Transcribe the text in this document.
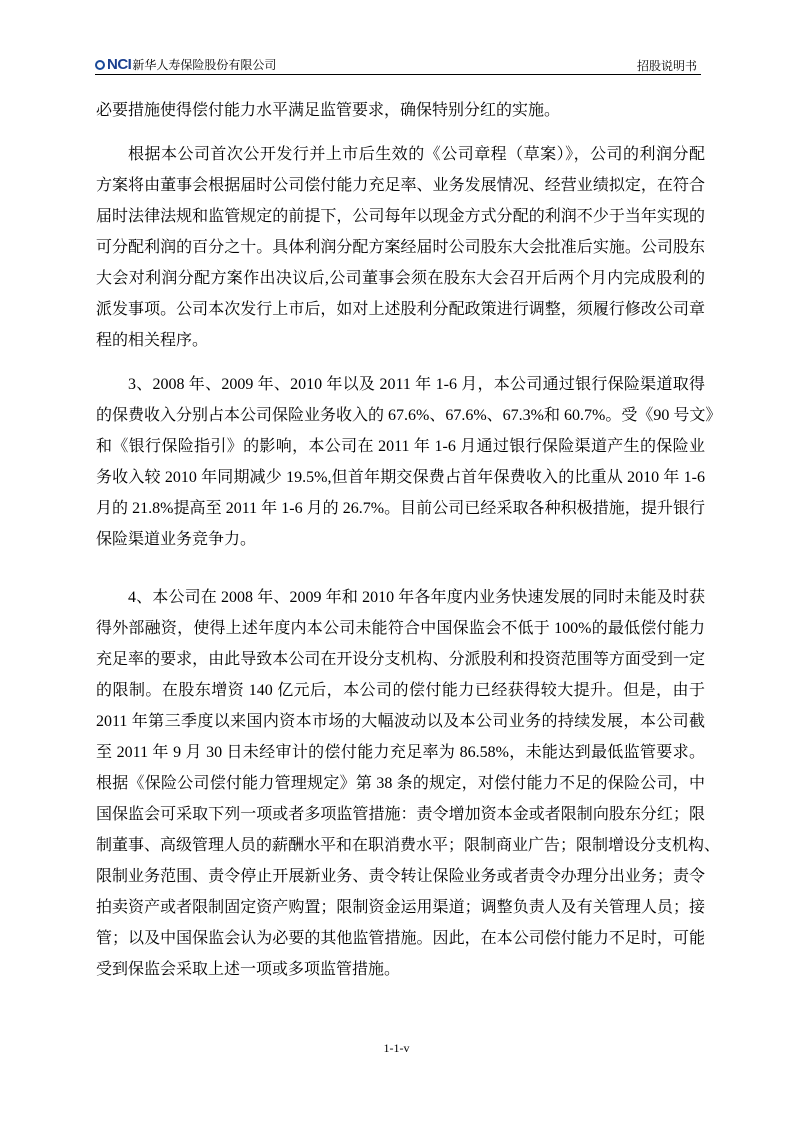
NCI 新华人寿保险股份有限公司	招股说明书
必要措施使得偿付能力水平满足监管要求，确保特别分红的实施。
根据本公司首次公开发行并上市后生效的《公司章程（草案）》，公司的利润分配
方案将由董事会根据届时公司偿付能力充足率、业务发展情况、经营业绩拟定，在符合
届时法律法规和监管规定的前提下，公司每年以现金方式分配的利润不少于当年实现的
可分配利润的百分之十。具体利润分配方案经届时公司股东大会批准后实施。公司股东
大会对利润分配方案作出决议后,公司董事会须在股东大会召开后两个月内完成股利的
派发事项。公司本次发行上市后，如对上述股利分配政策进行调整，须履行修改公司章
程的相关程序。
3、2008 年、2009 年、2010 年以及 2011 年 1-6 月，本公司通过银行保险渠道取得
的保费收入分别占本公司保险业务收入的 67.6%、67.6%、67.3%和 60.7%。受《90 号文》
和《银行保险指引》的影响，本公司在 2011 年 1-6 月通过银行保险渠道产生的保险业
务收入较 2010 年同期减少 19.5%,但首年期交保费占首年保费收入的比重从 2010 年 1-6
月的 21.8%提高至 2011 年 1-6 月的 26.7%。目前公司已经采取各种积极措施，提升银行
保险渠道业务竞争力。
4、本公司在 2008 年、2009 年和 2010 年各年度内业务快速发展的同时未能及时获
得外部融资，使得上述年度内本公司未能符合中国保监会不低于 100%的最低偿付能力
充足率的要求，由此导致本公司在开设分支机构、分派股利和投资范围等方面受到一定
的限制。在股东增资 140 亿元后，本公司的偿付能力已经获得较大提升。但是，由于
2011 年第三季度以来国内资本市场的大幅波动以及本公司业务的持续发展，本公司截
至 2011 年 9 月 30 日未经审计的偿付能力充足率为 86.58%，未能达到最低监管要求。
根据《保险公司偿付能力管理规定》第 38 条的规定，对偿付能力不足的保险公司，中
国保监会可采取下列一项或者多项监管措施：责令增加资本金或者限制向股东分红；限
制董事、高级管理人员的薪酬水平和在职消费水平；限制商业广告；限制增设分支机构、
限制业务范围、责令停止开展新业务、责令转让保险业务或者责令办理分出业务；责令
拍卖资产或者限制固定资产购置；限制资金运用渠道；调整负责人及有关管理人员；接
管；以及中国保监会认为必要的其他监管措施。因此，在本公司偿付能力不足时，可能
受到保监会采取上述一项或多项监管措施。
1-1-v
